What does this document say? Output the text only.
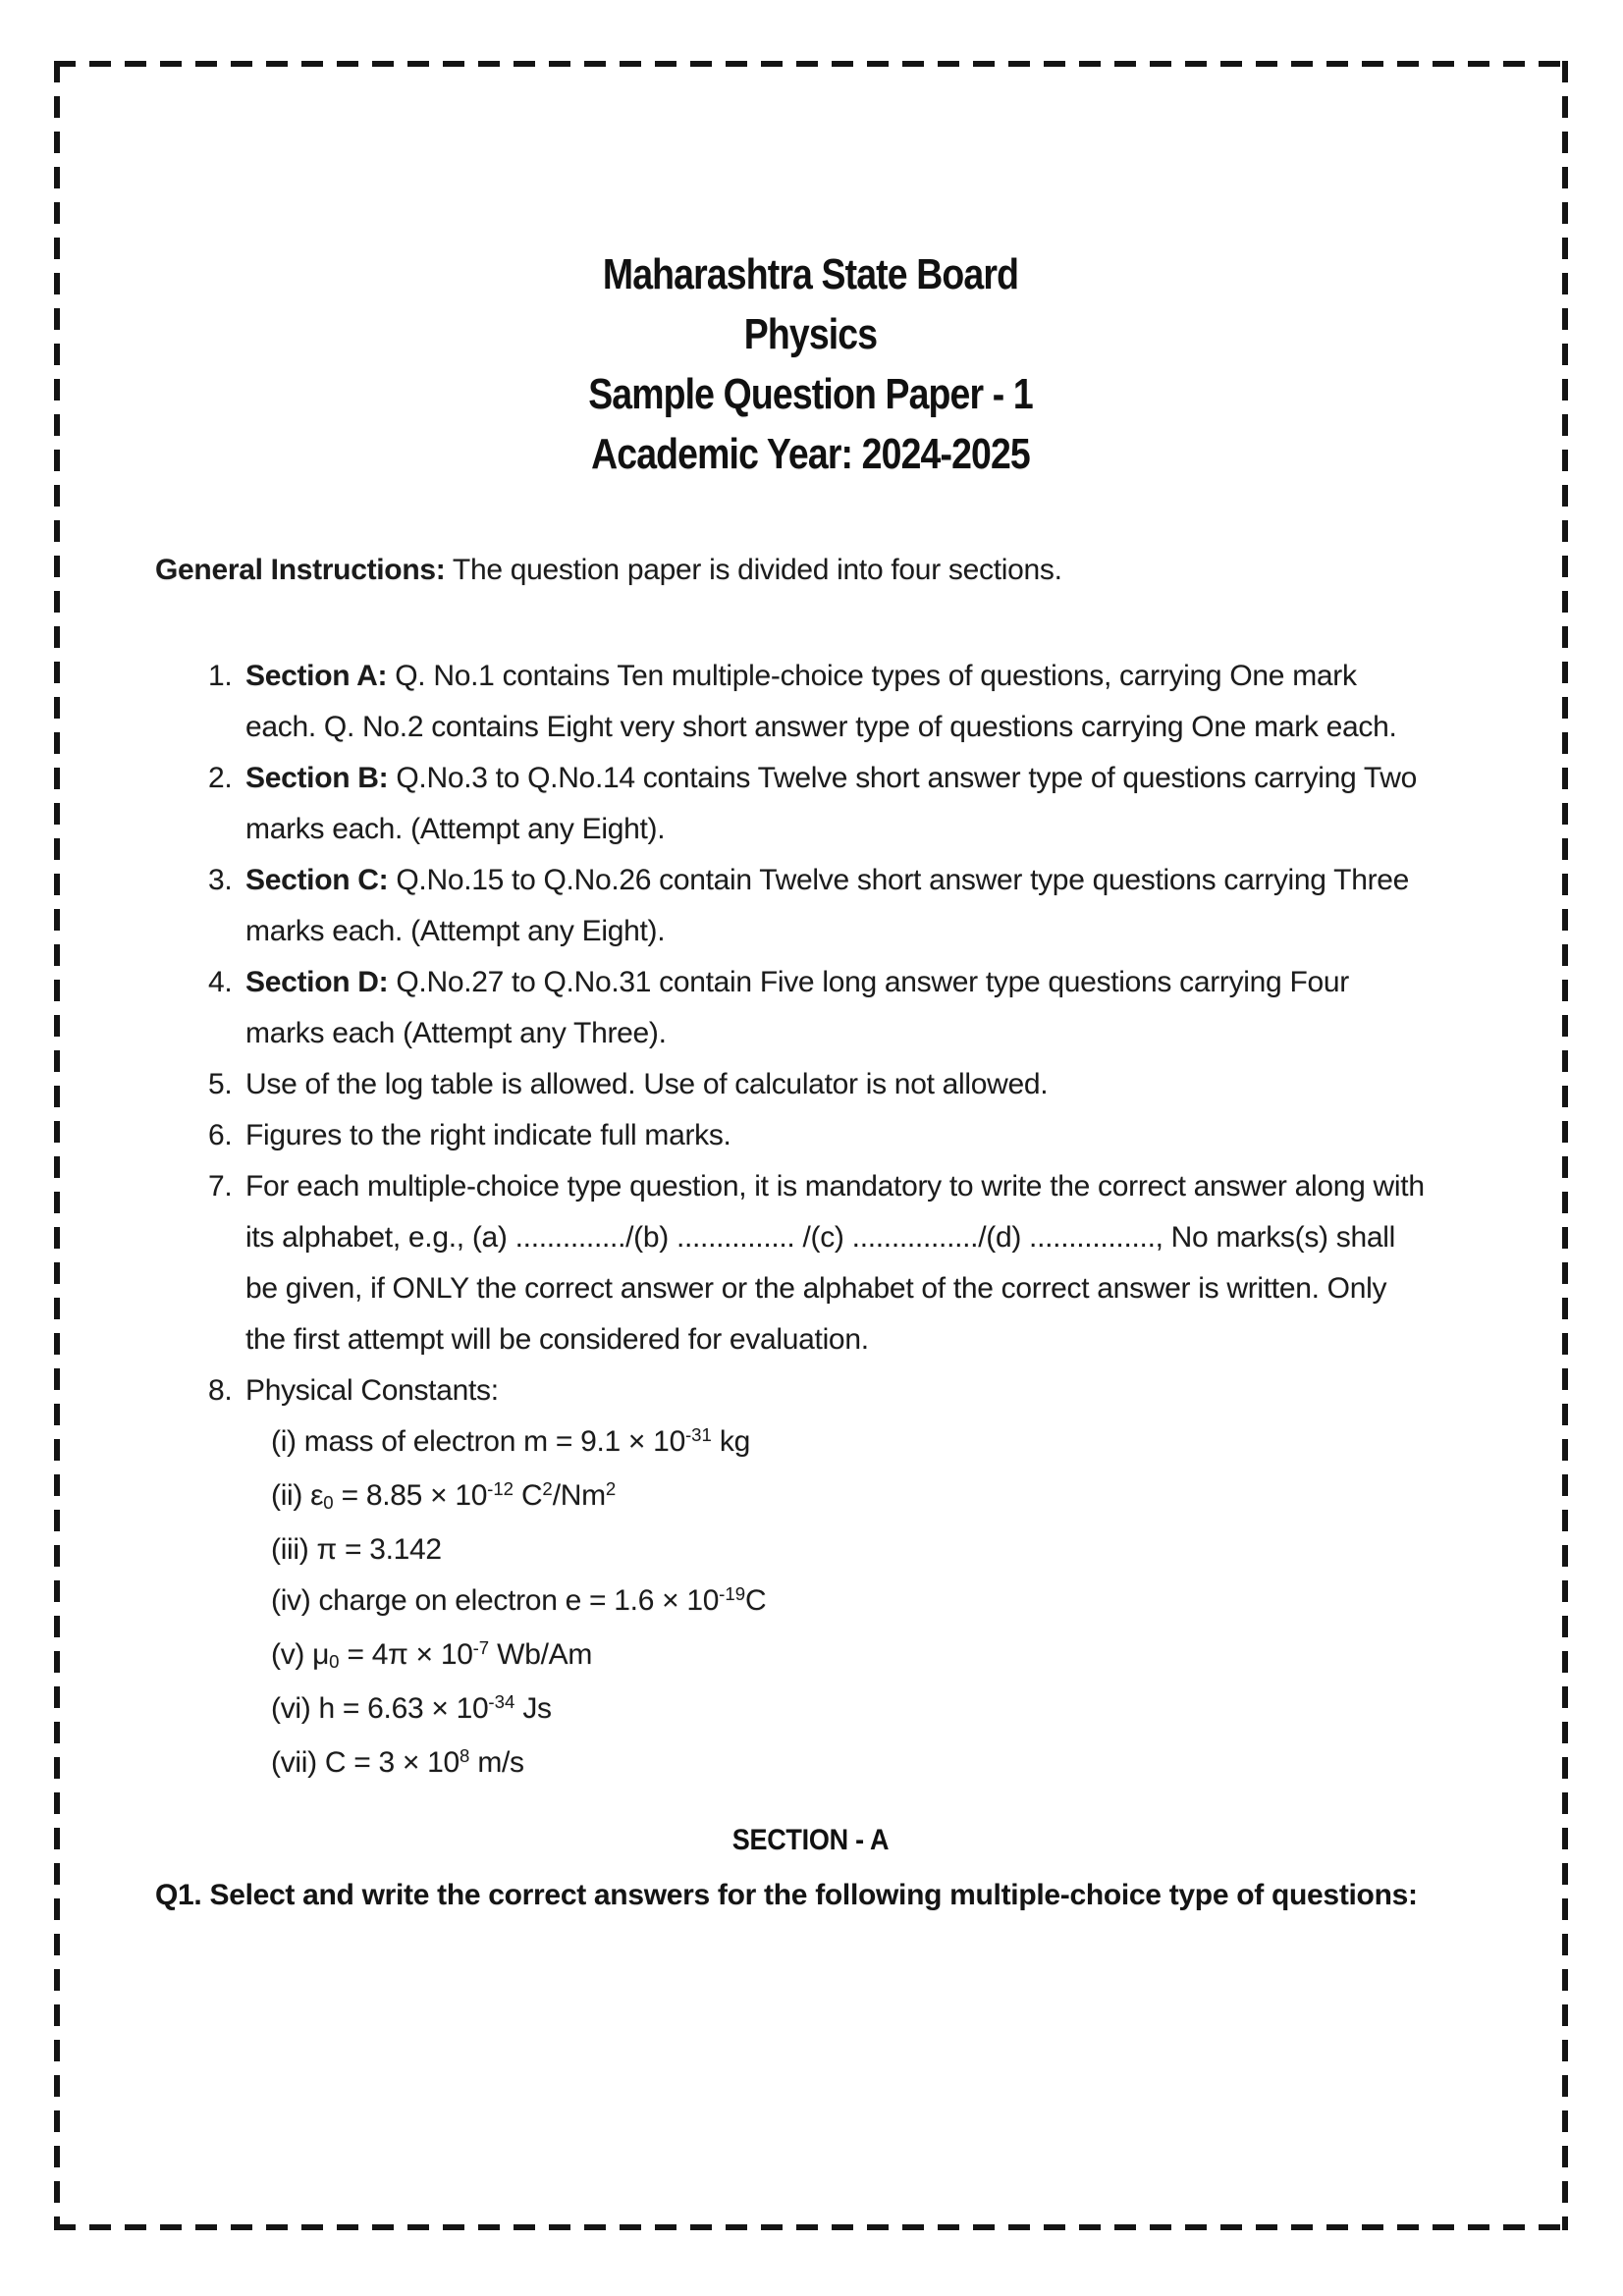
Maharashtra State Board
Physics
Sample Question Paper - 1
Academic Year: 2024-2025
General Instructions: The question paper is divided into four sections.
1. Section A: Q. No.1 contains Ten multiple-choice types of questions, carrying One mark each. Q. No.2 contains Eight very short answer type of questions carrying One mark each.
2. Section B: Q.No.3 to Q.No.14 contains Twelve short answer type of questions carrying Two marks each. (Attempt any Eight).
3. Section C: Q.No.15 to Q.No.26 contain Twelve short answer type questions carrying Three marks each. (Attempt any Eight).
4. Section D: Q.No.27 to Q.No.31 contain Five long answer type questions carrying Four marks each (Attempt any Three).
5. Use of the log table is allowed. Use of calculator is not allowed.
6. Figures to the right indicate full marks.
7. For each multiple-choice type question, it is mandatory to write the correct answer along with its alphabet, e.g., (a) ............../(b) ............... /(c) ................/(d) ................, No marks(s) shall be given, if ONLY the correct answer or the alphabet of the correct answer is written. Only the first attempt will be considered for evaluation.
8. Physical Constants:
(i) mass of electron $m = 9.1 \times 10^{-31}$ kg
(ii) $\varepsilon_0 = 8.85 \times 10^{-12}$ $C^2/Nm^2$
(iii) π = 3.142
(iv) charge on electron $e = 1.6 \times 10^{-19}C$
(v) $\mu_0 = 4\pi \times 10^{-7}$ Wb/Am
(vi) $h = 6.63 \times 10^{-34}$ Js
(vii) $C = 3 \times 10^8$ m/s
SECTION - A
Q1. Select and write the correct answers for the following multiple-choice type of questions:
